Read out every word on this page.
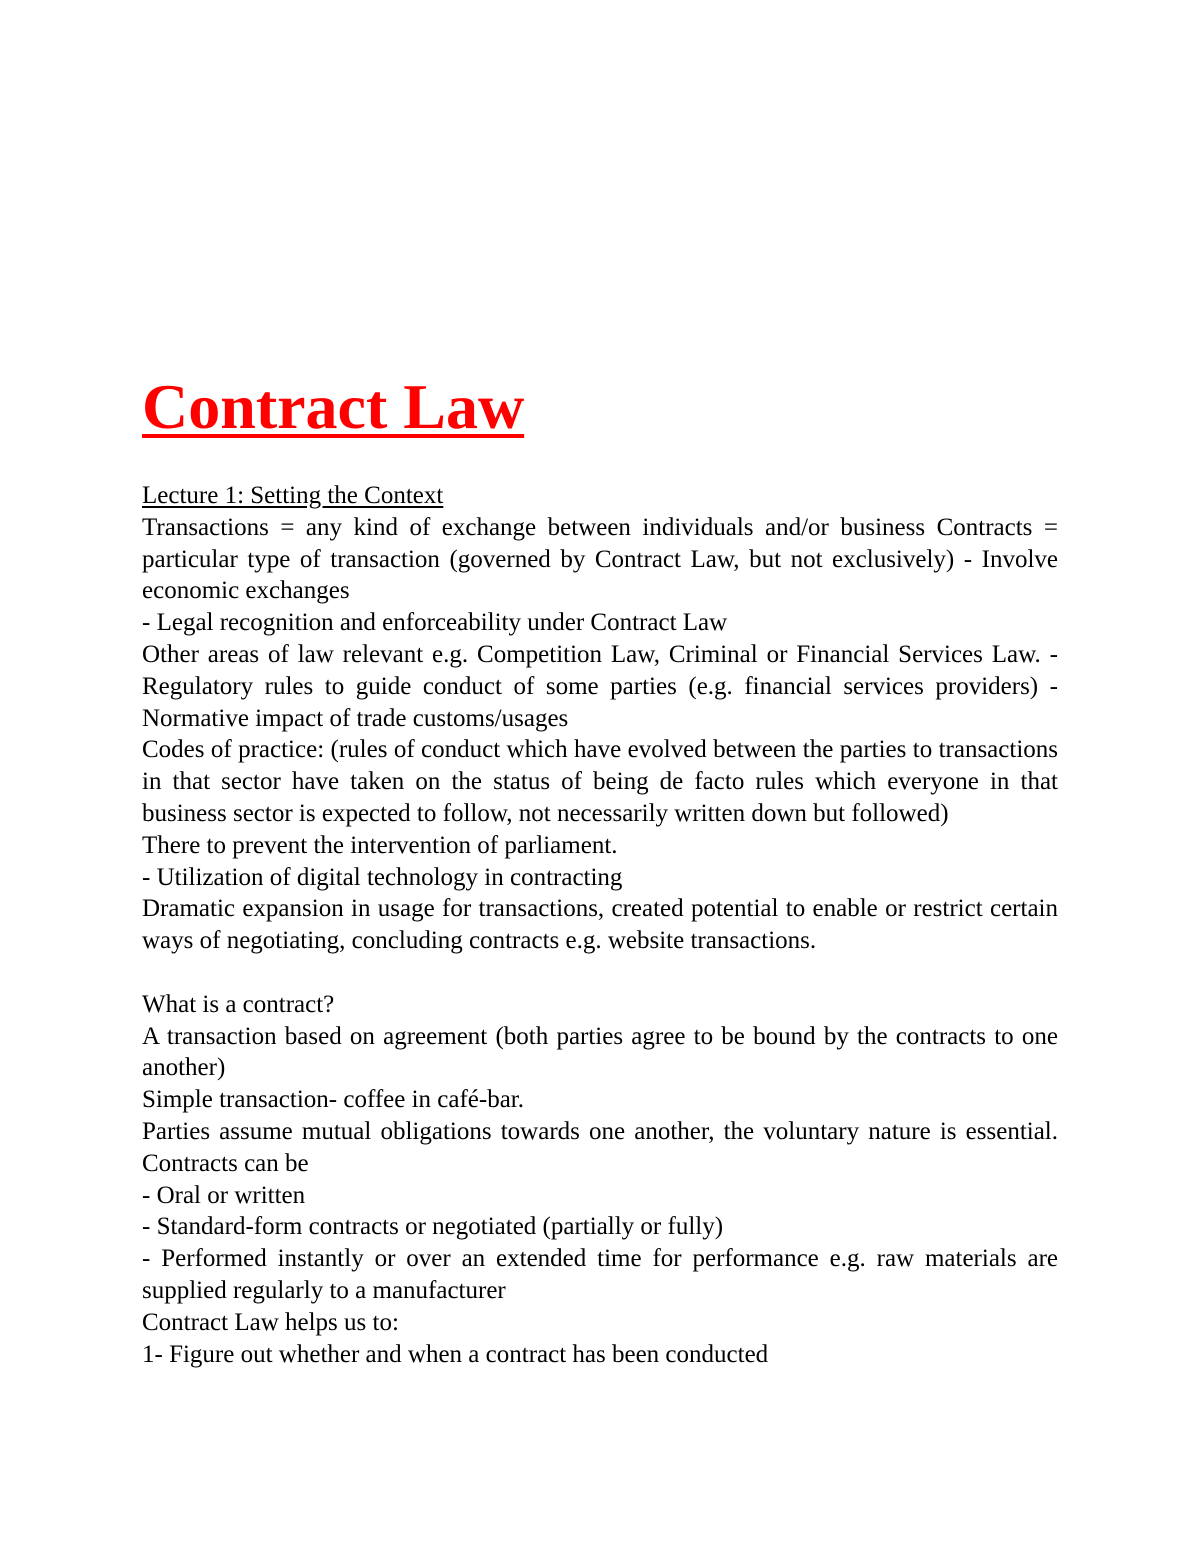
Contract Law
Lecture 1: Setting the Context

Transactions = any kind of exchange between individuals and/or business Contracts = particular type of transaction (governed by Contract Law, but not exclusively) - Involve economic exchanges

- Legal recognition and enforceability under Contract Law

Other areas of law relevant e.g. Competition Law, Criminal or Financial Services Law. - Regulatory rules to guide conduct of some parties (e.g. financial services providers) - Normative impact of trade customs/usages

Codes of practice: (rules of conduct which have evolved between the parties to transactions in that sector have taken on the status of being de facto rules which everyone in that business sector is expected to follow, not necessarily written down but followed)

There to prevent the intervention of parliament.

- Utilization of digital technology in contracting

Dramatic expansion in usage for transactions, created potential to enable or restrict certain ways of negotiating, concluding contracts e.g. website transactions.

What is a contract?

A transaction based on agreement (both parties agree to be bound by the contracts to one another)

Simple transaction- coffee in café-bar.

Parties assume mutual obligations towards one another, the voluntary nature is essential. Contracts can be

- Oral or written

- Standard-form contracts or negotiated (partially or fully)

- Performed instantly or over an extended time for performance e.g. raw materials are supplied regularly to a manufacturer

Contract Law helps us to:

1- Figure out whether and when a contract has been conducted
